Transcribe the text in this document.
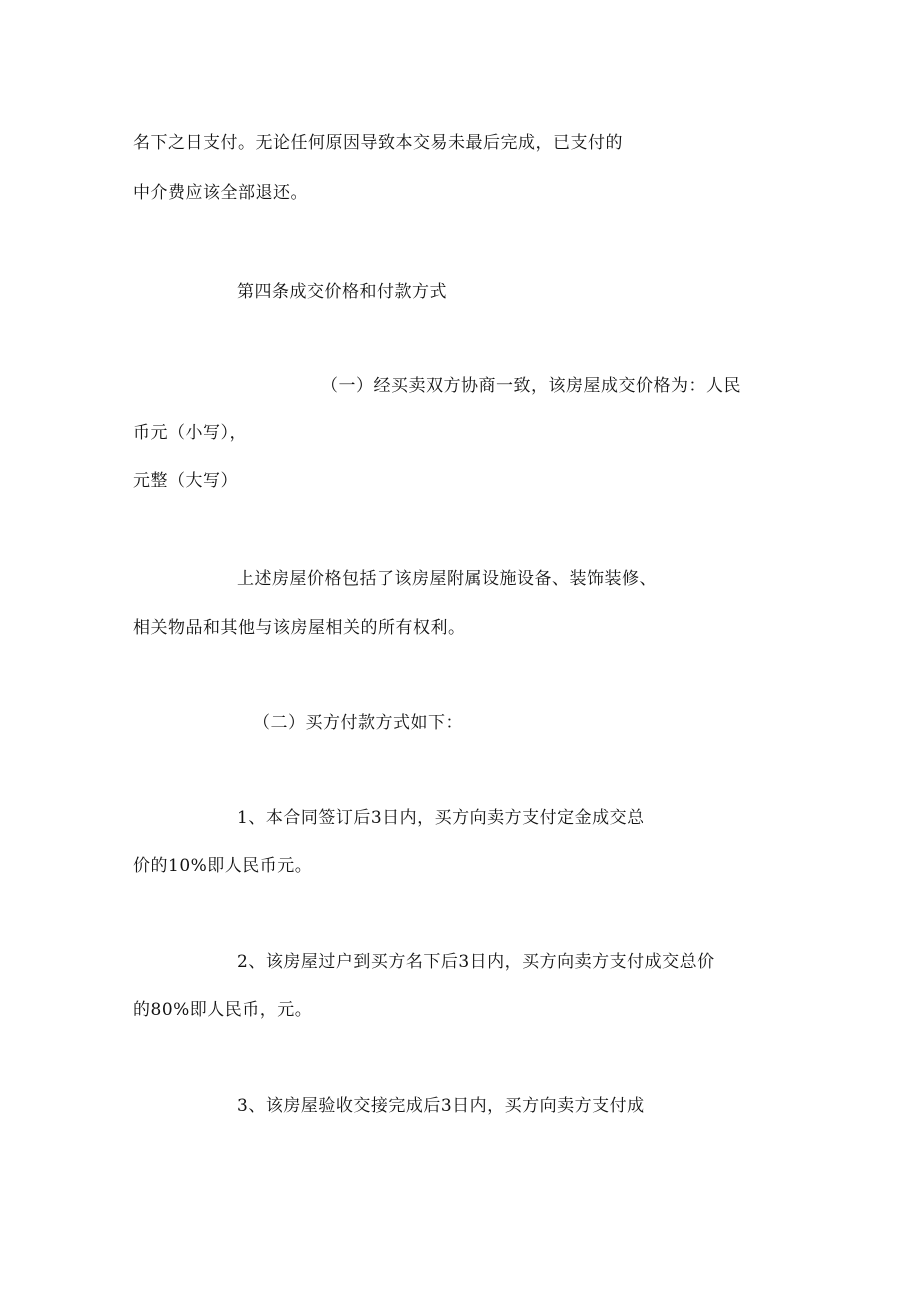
名下之日支付。无论任何原因导致本交易未最后完成，已支付的
中介费应该全部退还。
第四条成交价格和付款方式
（一）经买卖双方协商一致，该房屋成交价格为：人民
币元（小写），
元整（大写）
上述房屋价格包括了该房屋附属设施设备、装饰装修、
相关物品和其他与该房屋相关的所有权利。
（二）买方付款方式如下：
1、本合同签订后3日内，买方向卖方支付定金成交总
价的10%即人民币元。
2、该房屋过户到买方名下后3日内，买方向卖方支付成交总价
的80%即人民币，元。
3、该房屋验收交接完成后3日内，买方向卖方支付成
